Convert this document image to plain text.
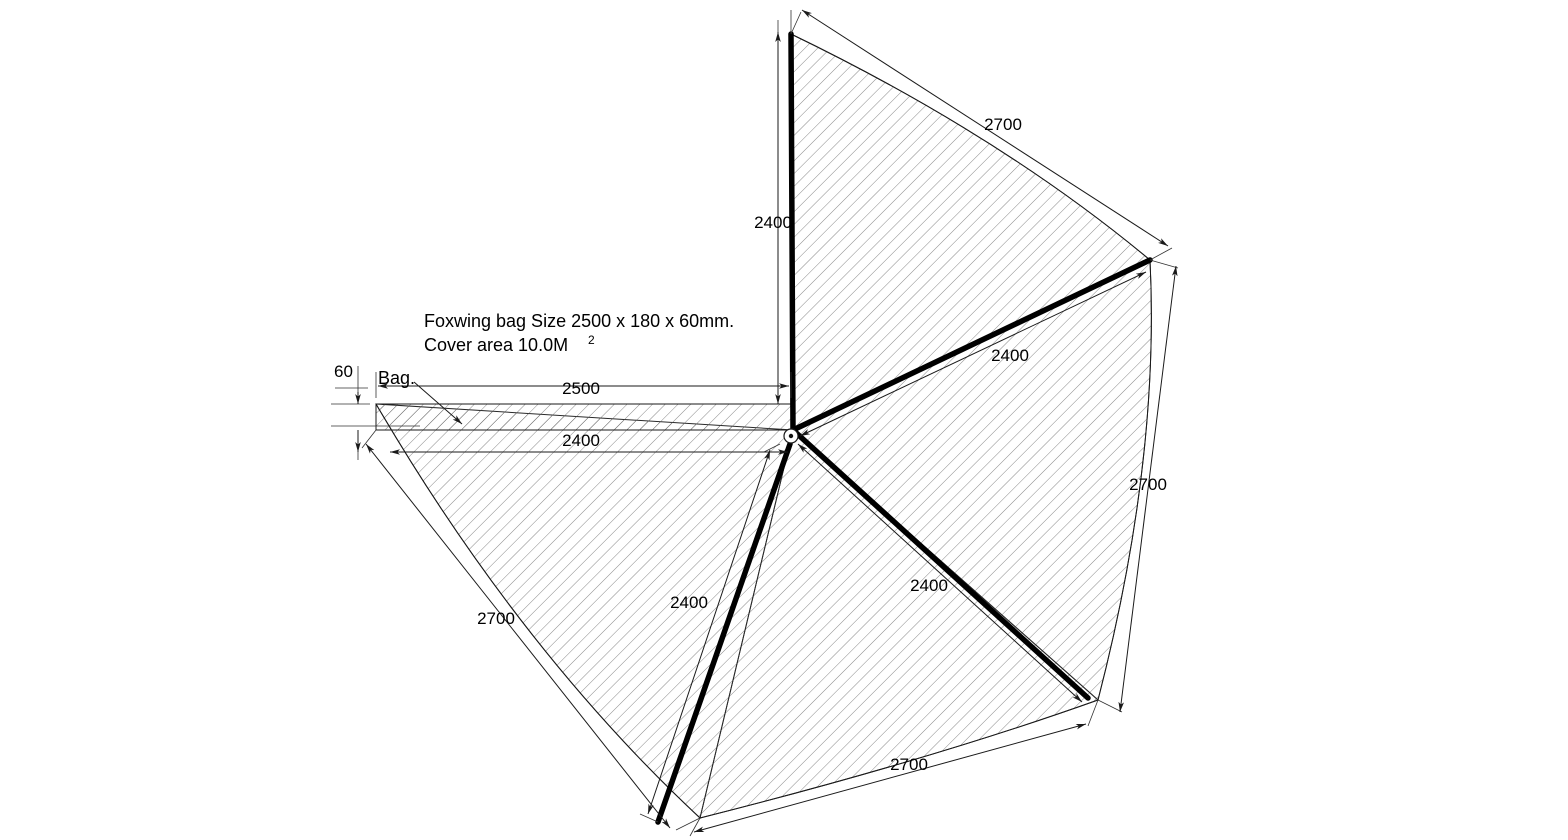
Foxwing bag Size 2500 x 180 x 60mm.
Cover area 10.0M 2
Bag.
60
2500
2400
2400
2700
2400
2700
2400
2700
2400
2700
